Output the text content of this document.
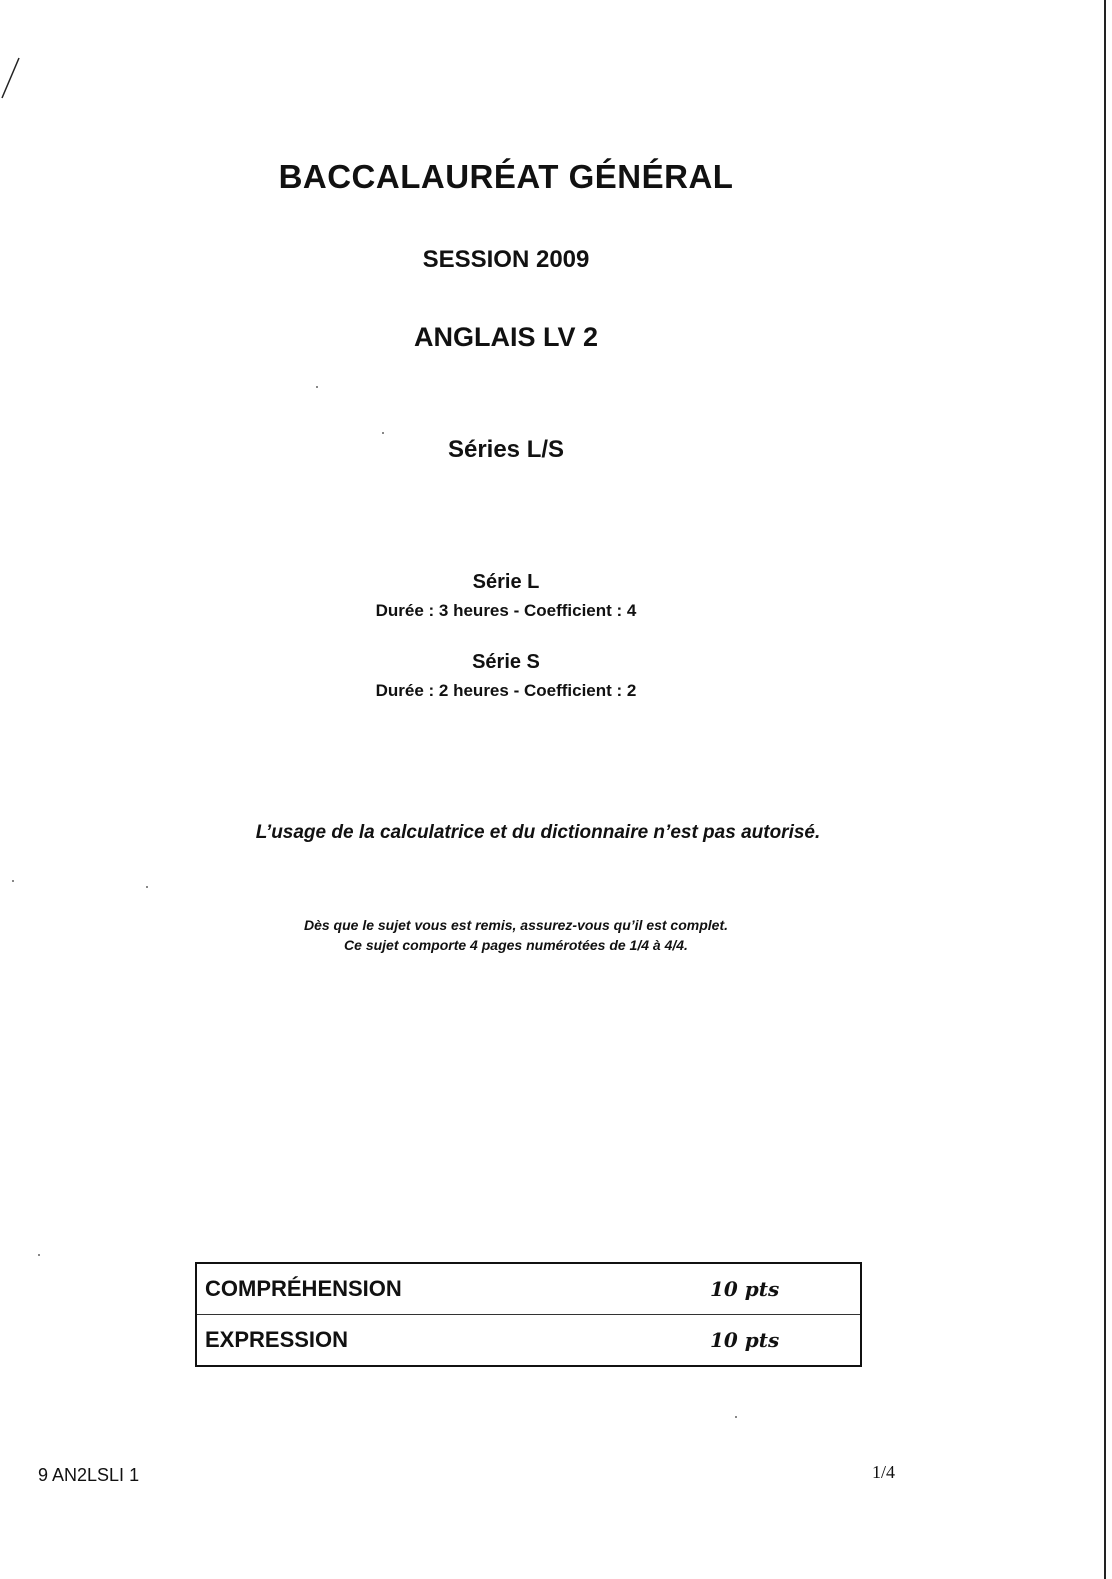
BACCALAURÉAT GÉNÉRAL
SESSION 2009
ANGLAIS LV 2
Séries L/S
Série L
Durée : 3 heures - Coefficient : 4
Série S
Durée : 2 heures - Coefficient : 2
L’usage de la calculatrice et du dictionnaire n’est pas autorisé.
Dès que le sujet vous est remis, assurez-vous qu’il est complet.
Ce sujet comporte 4 pages numérotées de 1/4 à 4/4.
COMPRÉHENSION	10 pts
EXPRESSION	10 pts
9 AN2LSLI 1	1/4
